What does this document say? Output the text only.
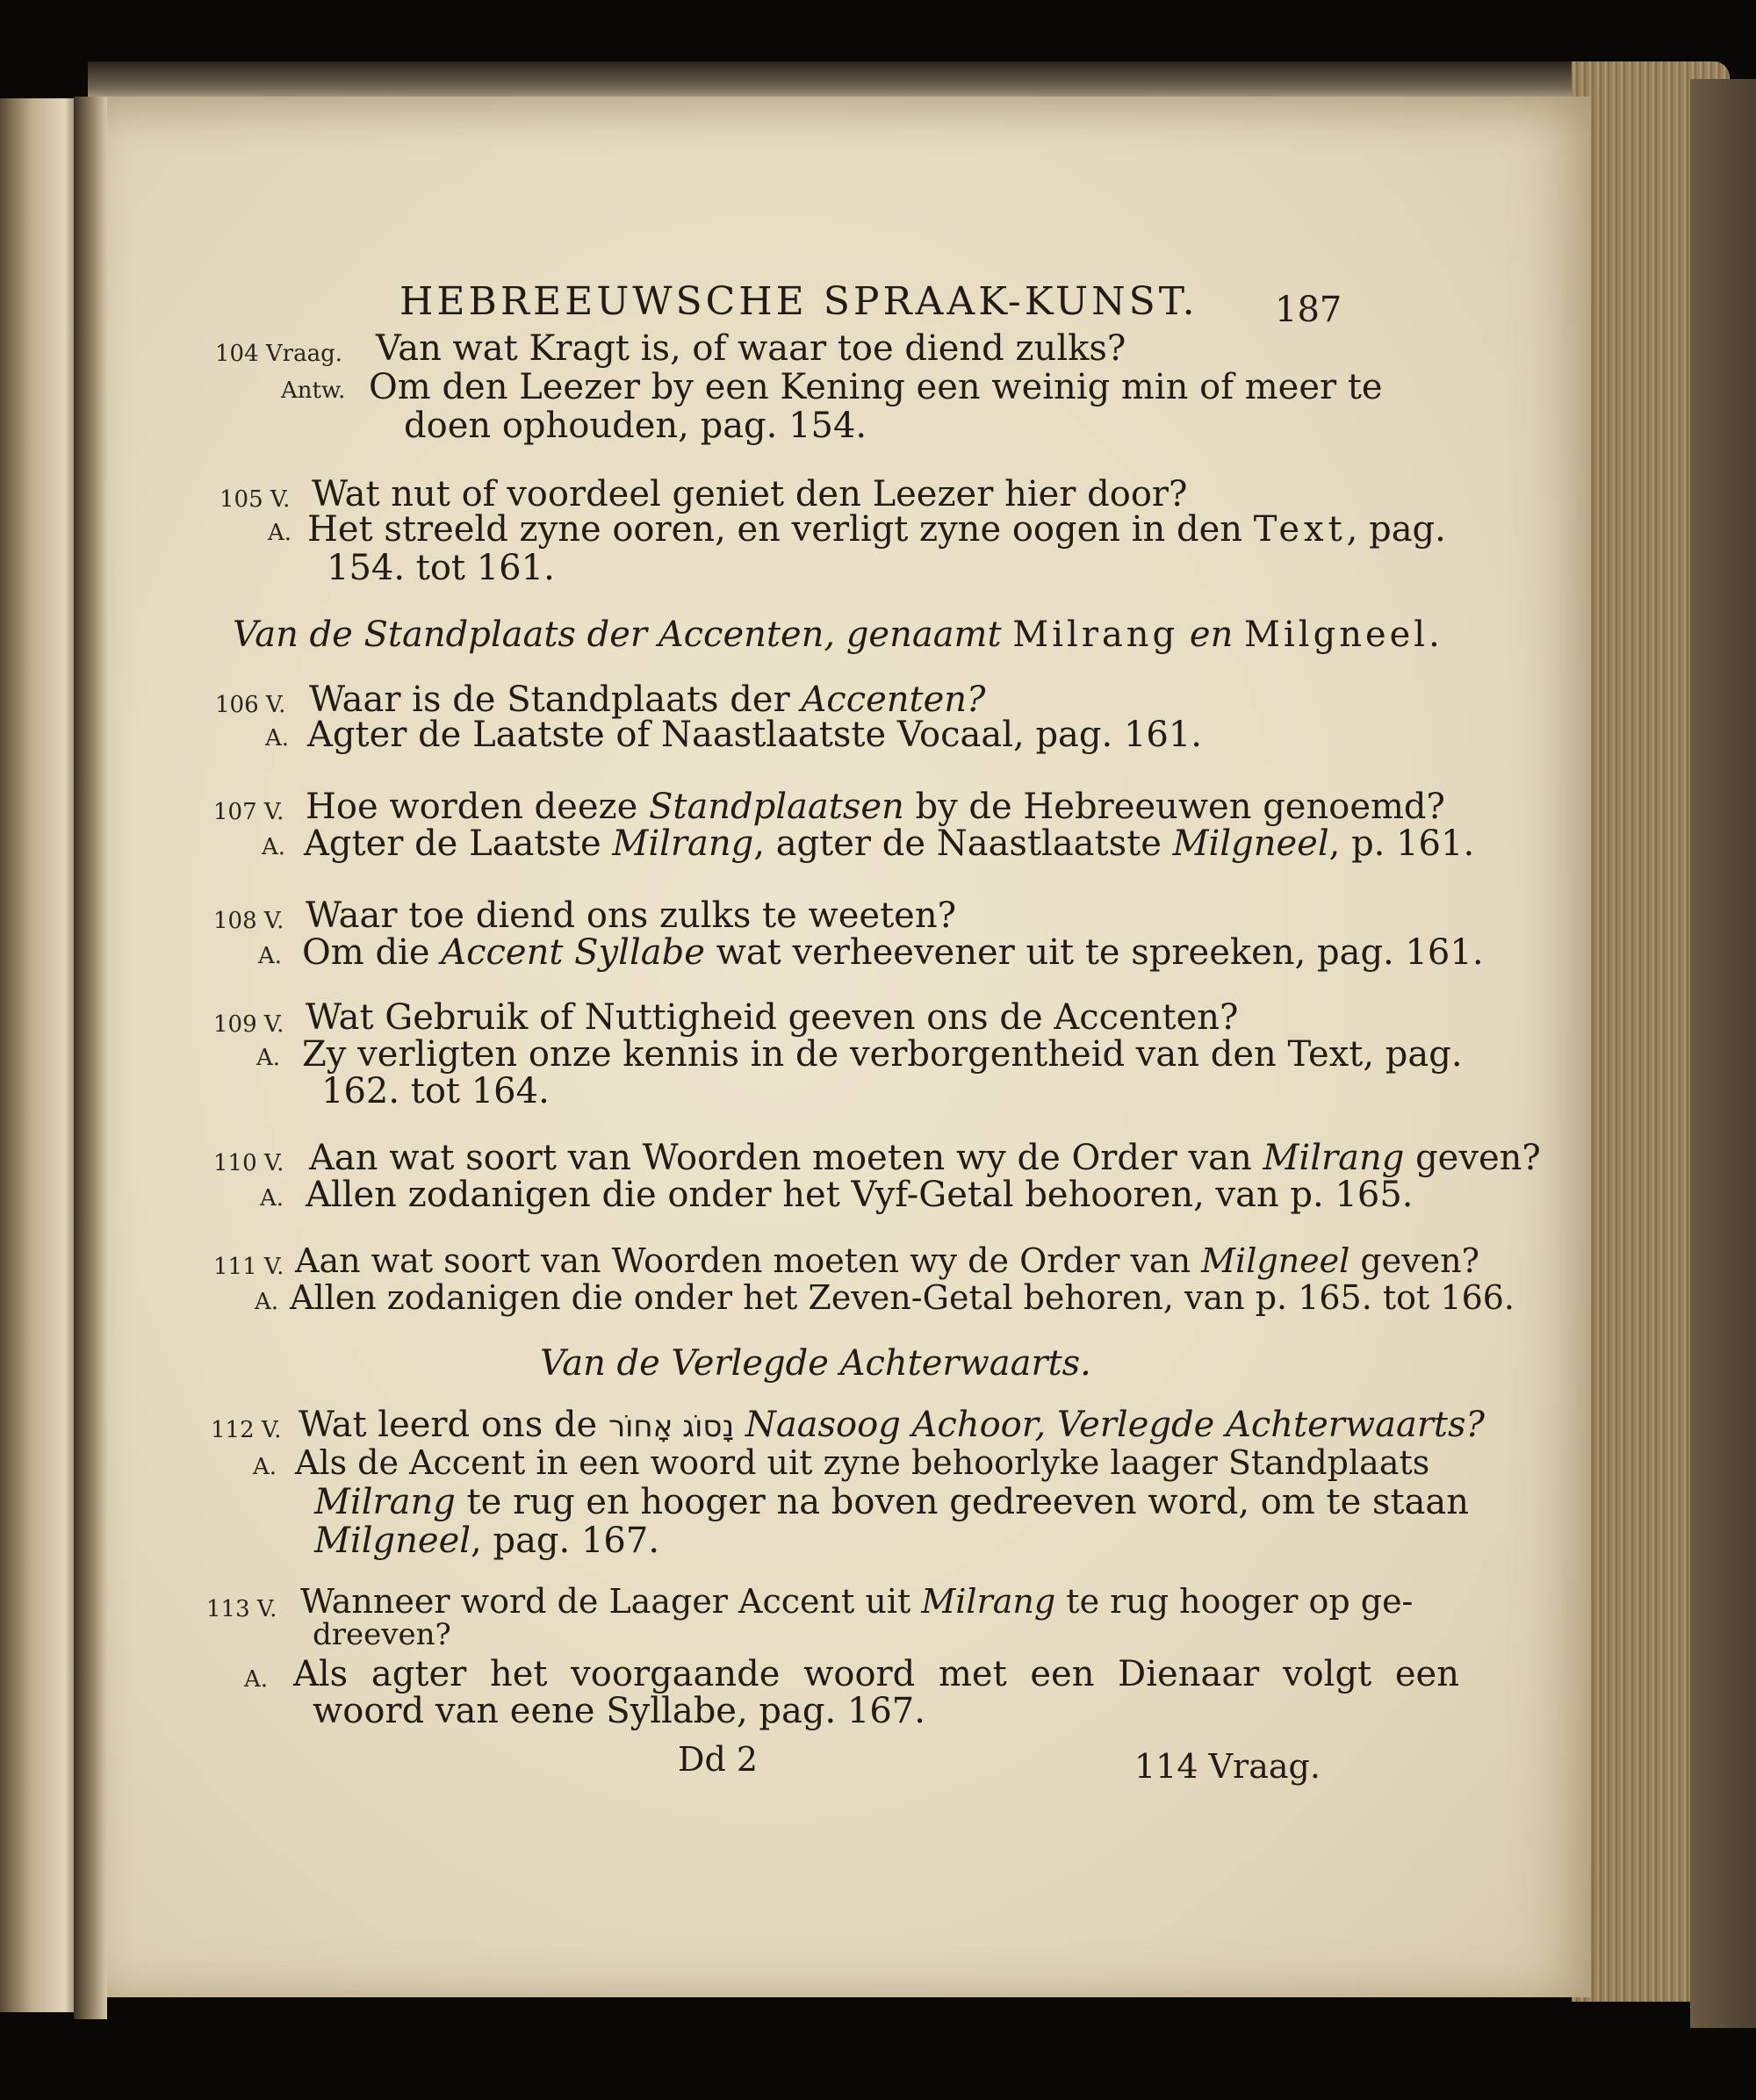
HEBREEUWSCHE SPRAAK-KUNST. 187
104 Vraag. Van wat Kragt is, of waar toe diend zulks?
Antw. Om den Leezer by een Kening een weinig min of meer te
doen ophouden, pag. 154.
105 V. Wat nut of voordeel geniet den Leezer hier door?
A. Het streeld zyne ooren, en verligt zyne oogen in den Text, pag.
154. tot 161.
Van de Standplaats der Accenten, genaamt Milrang en Milgneel.
106 V. Waar is de Standplaats der Accenten?
A. Agter de Laatste of Naastlaatste Vocaal, pag. 161.
107 V. Hoe worden deeze Standplaatsen by de Hebreeuwen genoemd?
A. Agter de Laatste Milrang, agter de Naastlaatste Milgneel, p. 161.
108 V. Waar toe diend ons zulks te weeten?
A. Om die Accent Syllabe wat verheevener uit te spreeken, pag. 161.
109 V. Wat Gebruik of Nuttigheid geeven ons de Accenten?
A. Zy verligten onze kennis in de verborgentheid van den Text, pag.
162. tot 164.
110 V. Aan wat soort van Woorden moeten wy de Order van Milrang geven?
A. Allen zodanigen die onder het Vyf-Getal behooren, van p. 165.
111 V. Aan wat soort van Woorden moeten wy de Order van Milgneel geven?
A. Allen zodanigen die onder het Zeven-Getal behoren, van p. 165. tot 166.
Van de Verlegde Achterwaarts.
112 V. Wat leerd ons de נָסוֹג אָחוֹר Naasoog Achoor, Verlegde Achterwaarts?
A. Als de Accent in een woord uit zyne behoorlyke laager Standplaats
Milrang te rug en hooger na boven gedreeven word, om te staan
Milgneel, pag. 167.
113 V. Wanneer word de Laager Accent uit Milrang te rug hooger op ge-
dreeven?
A. Als agter het voorgaande woord met een Dienaar volgt een
woord van eene Syllabe, pag. 167.
Dd 2	114 Vraag.
